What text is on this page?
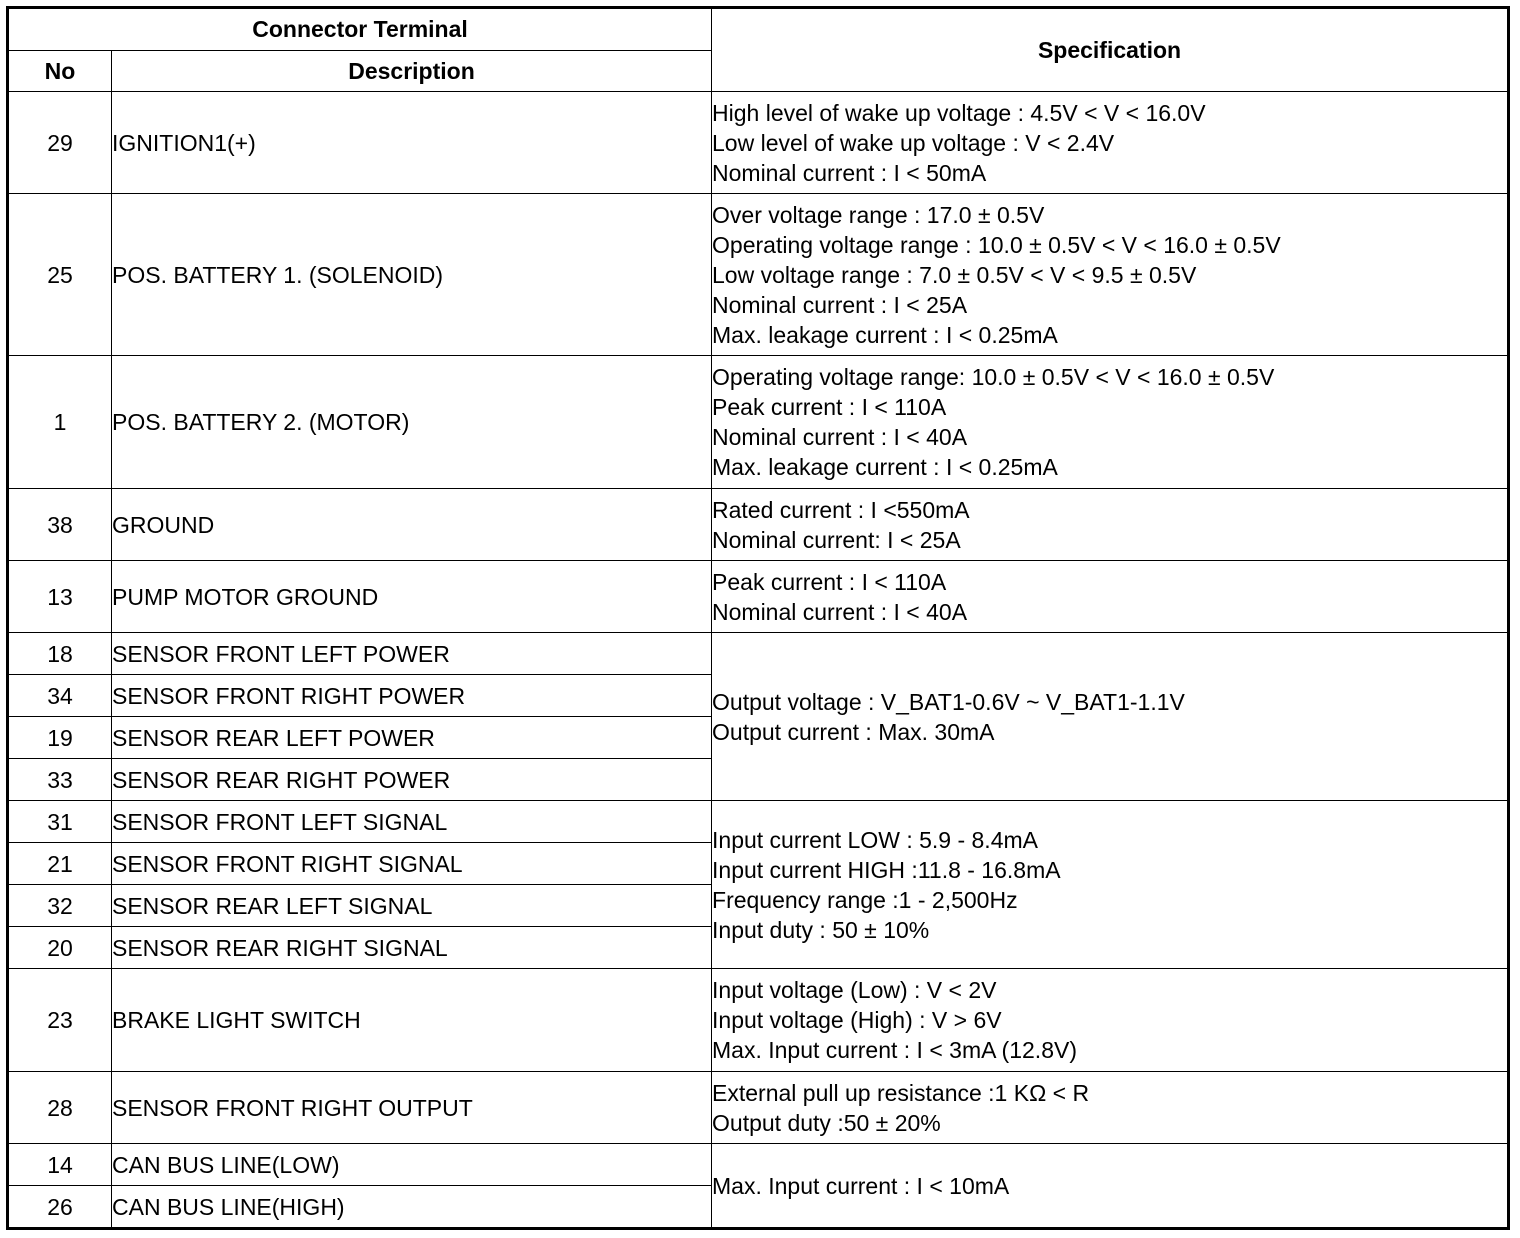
Connector Terminal		Specification
No	Description	
29	IGNITION1(+)	High level of wake up voltage : 4.5V < V < 16.0V
Low level of wake up voltage : V < 2.4V
Nominal current : I < 50mA

25	POS. BATTERY 1. (SOLENOID)	Over voltage range : 17.0 ± 0.5V
Operating voltage range : 10.0 ± 0.5V < V < 16.0 ± 0.5V
Low voltage range : 7.0 ± 0.5V < V < 9.5 ± 0.5V
Nominal current : I < 25A
Max. leakage current : I < 0.25mA

1	POS. BATTERY 2. (MOTOR)	Operating voltage range: 10.0 ± 0.5V < V < 16.0 ± 0.5V
Peak current : I < 110A
Nominal current : I < 40A
Max. leakage current : I < 0.25mA

38	GROUND	Rated current : I <550mA
Nominal current: I < 25A

13	PUMP MOTOR GROUND	Peak current : I < 110A
Nominal current : I < 40A

18	SENSOR FRONT LEFT POWER	Output voltage : V_BAT1-0.6V ~ V_BAT1-1.1V
Output current : Max. 30mA

34	SENSOR FRONT RIGHT POWER	
19	SENSOR REAR LEFT POWER	
33	SENSOR REAR RIGHT POWER	
31	SENSOR FRONT LEFT SIGNAL	Input current LOW : 5.9 - 8.4mA
Input current HIGH :11.8 - 16.8mA
Frequency range :1 - 2,500Hz
Input duty : 50 ± 10%

21	SENSOR FRONT RIGHT SIGNAL	
32	SENSOR REAR LEFT SIGNAL	
20	SENSOR REAR RIGHT SIGNAL	
23	BRAKE LIGHT SWITCH	Input voltage (Low) : V < 2V
Input voltage (High) : V > 6V
Max. Input current : I < 3mA (12.8V)

28	SENSOR FRONT RIGHT OUTPUT	External pull up resistance :1 KΩ < R
Output duty :50 ± 20%

14	CAN BUS LINE(LOW)	Max. Input current : I < 10mA

26	CAN BUS LINE(HIGH)	
